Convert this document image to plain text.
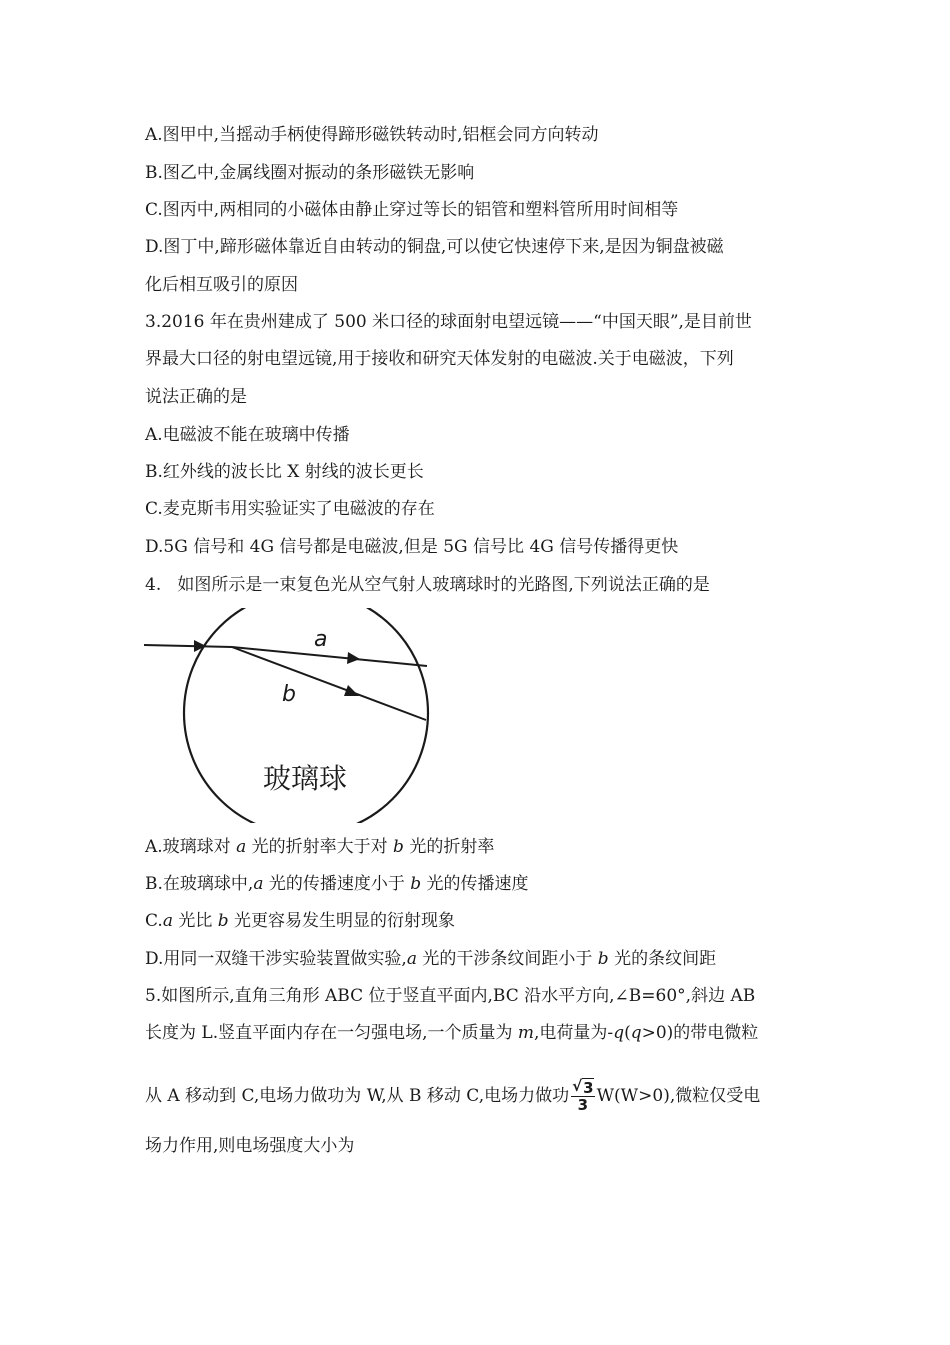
A.图甲中,当摇动手柄使得蹄形磁铁转动时,铝框会同方向转动
B.图乙中,金属线圈对振动的条形磁铁无影响
C.图丙中,两相同的小磁体由静止穿过等长的铝管和塑料管所用时间相等
D.图丁中,蹄形磁体靠近自由转动的铜盘,可以使它快速停下来,是因为铜盘被磁
化后相互吸引的原因
3.2016 年在贵州建成了 500 米口径的球面射电望远镜——“中国天眼”,是目前世
界最大口径的射电望远镜,用于接收和研究天体发射的电磁波.关于电磁波，下列
说法正确的是
A.电磁波不能在玻璃中传播
B.红外线的波长比 X 射线的波长更长
C.麦克斯韦用实验证实了电磁波的存在
D.5G 信号和 4G 信号都是电磁波,但是 5G 信号比 4G 信号传播得更快
4.   如图所示是一束复色光从空气射人玻璃球时的光路图,下列说法正确的是
a
b
玻璃球
A.玻璃球对 a 光的折射率大于对 b 光的折射率
B.在玻璃球中,a 光的传播速度小于 b 光的传播速度
C.a 光比 b 光更容易发生明显的衍射现象
D.用同一双缝干涉实验装置做实验,a 光的干涉条纹间距小于 b 光的条纹间距
5.如图所示,直角三角形 ABC 位于竖直平面内,BC 沿水平方向,∠B=60°,斜边 AB
长度为 L.竖直平面内存在一匀强电场,一个质量为 m,电荷量为-q(q>0)的带电微粒
从 A 移动到 C,电场力做功为 W,从 B 移动 C,电场力做功 $\frac{√ 3}{3} W(W>0)$,微粒仅受电
场力作用,则电场强度大小为
